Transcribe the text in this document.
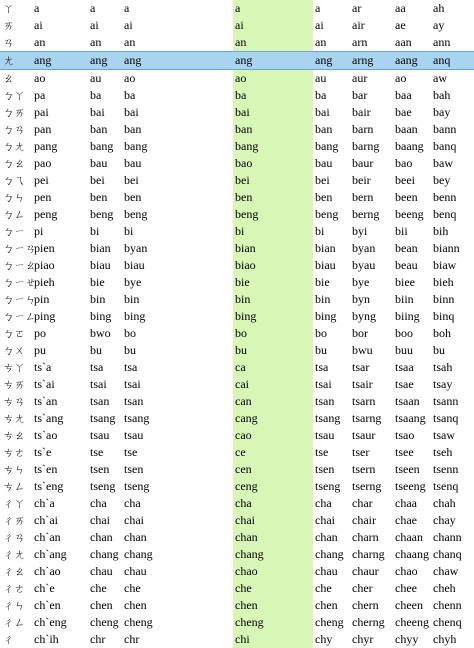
ㄚ	a	a	a		a	a	ar	aa	ah
ㄞ	ai	ai	ai		ai	ai	air	ae	ay
ㄢ	an	an	an		an	an	arn	aan	ann
ㄤ	ang	ang	ang		ang	ang	arng	aang	anq
ㄠ	ao	au	ao		ao	au	aur	ao	aw
ㄅㄚ	pa	ba	ba		ba	ba	bar	baa	bah
ㄅㄞ	pai	bai	bai		bai	bai	bair	bae	bay
ㄅㄢ	pan	ban	ban		ban	ban	barn	baan	bann
ㄅㄤ	pang	bang	bang		bang	bang	barng	baang	banq
ㄅㄠ	pao	bau	bau		bao	bau	baur	bao	baw
ㄅㄟ	pei	bei	bei		bei	bei	beir	beei	bey
ㄅㄣ	pen	ben	ben		ben	ben	bern	been	benn
ㄅㄥ	peng	beng	beng		beng	beng	berng	beeng	benq
ㄅㄧ	pi	bi	bi		bi	bi	byi	bii	bih
ㄅㄧㄢ	pien	bian	byan		bian	bian	byan	bean	biann
ㄅㄧㄠ	piao	biau	biau		biao	biau	byau	beau	biaw
ㄅㄧㄝ	pieh	bie	bye		bie	bie	bye	biee	bieh
ㄅㄧㄣ	pin	bin	bin		bin	bin	byn	biin	binn
ㄅㄧㄥ	ping	bing	bing		bing	bing	byng	biing	binq
ㄅㄛ	po	bwo	bo		bo	bo	bor	boo	boh
ㄅㄨ	pu	bu	bu		bu	bu	bwu	buu	bu
ㄘㄚ	ts`a	tsa	tsa		ca	tsa	tsar	tsaa	tsah
ㄘㄞ	ts`ai	tsai	tsai		cai	tsai	tsair	tsae	tsay
ㄘㄢ	ts`an	tsan	tsan		can	tsan	tsarn	tsaan	tsann
ㄘㄤ	ts`ang	tsang	tsang		cang	tsang	tsarng	tsaang	tsanq
ㄘㄠ	ts`ao	tsau	tsau		cao	tsau	tsaur	tsao	tsaw
ㄘㄜ	ts`e	tse	tse		ce	tse	tser	tsee	tseh
ㄘㄣ	ts`en	tsen	tsen		cen	tsen	tsern	tseen	tsenn
ㄘㄥ	ts`eng	tseng	tseng		ceng	tseng	tserng	tseeng	tsenq
ㄔㄚ	ch`a	cha	cha		cha	cha	char	chaa	chah
ㄔㄞ	ch`ai	chai	chai		chai	chai	chair	chae	chay
ㄔㄢ	ch`an	chan	chan		chan	chan	charn	chaan	chann
ㄔㄤ	ch`ang	chang	chang		chang	chang	charng	chaang	chanq
ㄔㄠ	ch`ao	chau	chau		chao	chau	chaur	chao	chaw
ㄔㄜ	ch`e	che	che		che	che	cher	chee	cheh
ㄔㄣ	ch`en	chen	chen		chen	chen	chern	cheen	chenn
ㄔㄥ	ch`eng	cheng	cheng		cheng	cheng	cherng	cheeng	chenq
ㄔ	ch`ih	chr	chr		chi	chy	chyr	chyy	chyh
